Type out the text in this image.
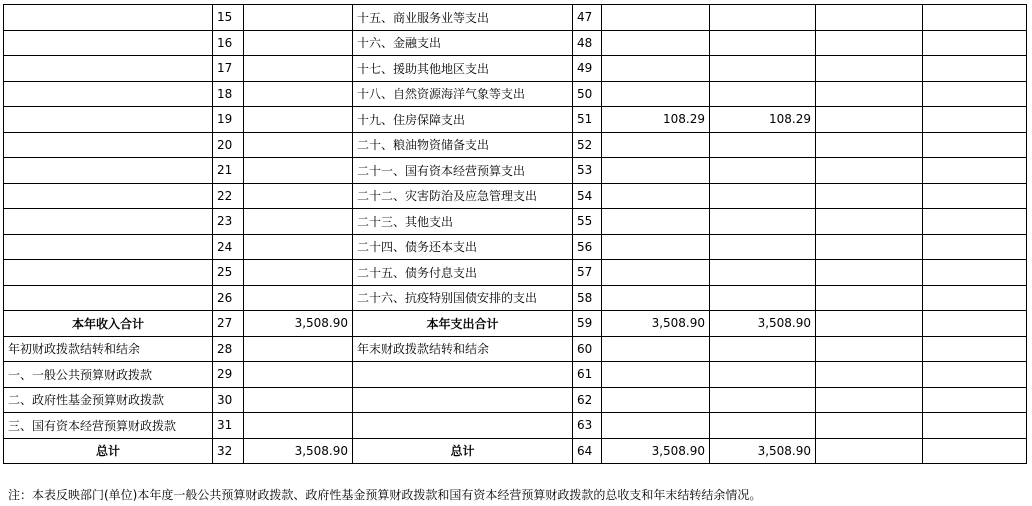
	15		十五、商业服务业等支出	47				
	16		十六、金融支出	48				
	17		十七、援助其他地区支出	49				
	18		十八、自然资源海洋气象等支出	50				
	19		十九、住房保障支出	51	108.29	108.29		
	20		二十、粮油物资储备支出	52				
	21		二十一、国有资本经营预算支出	53				
	22		二十二、灾害防治及应急管理支出	54				
	23		二十三、其他支出	55				
	24		二十四、债务还本支出	56				
	25		二十五、债务付息支出	57				
	26		二十六、抗疫特别国债安排的支出	58				
本年收入合计	27	3,508.90	本年支出合计	59	3,508.90	3,508.90		
年初财政拨款结转和结余	28		年末财政拨款结转和结余	60				
一、一般公共预算财政拨款	29			61				
二、政府性基金预算财政拨款	30			62				
三、国有资本经营预算财政拨款	31			63				
总计	32	3,508.90	总计	64	3,508.90	3,508.90		
注：本表反映部门(单位)本年度一般公共预算财政拨款、政府性基金预算财政拨款和国有资本经营预算财政拨款的总收支和年末结转结余情况。
